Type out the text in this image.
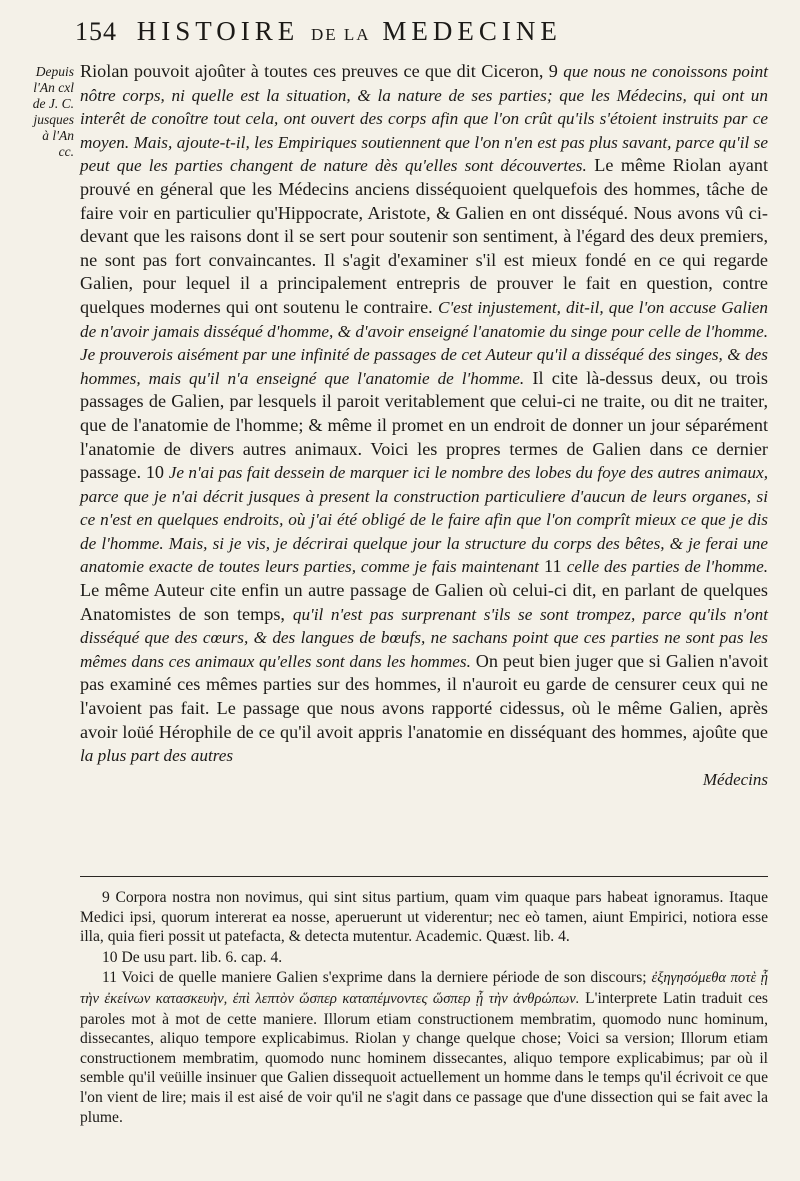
154 HISTOIRE DE LA MEDECINE
Depuis
l'An cxl
de J. C.
jusques
à l'An
cc.

Riolan pouvoit ajoûter à toutes ces preuves ce que dit Ciceron, 9 que nous ne conoissons point nôtre corps, ni quelle est la situation, & la nature de ses parties; que les Médecins, qui ont un interêt de conoître tout cela, ont ouvert des corps afin que l'on crût qu'ils s'étoient instruits par ce moyen. Mais, ajoute-t-il, les Empiriques soutiennent que l'on n'en est pas plus savant, parce qu'il se peut que les parties changent de nature dès qu'elles sont découvertes. Le même Riolan ayant prouvé en géneral que les Médecins anciens disséquoient quelquefois des hommes, tâche de faire voir en particulier qu'Hippocrate, Aristote, & Galien en ont disséqué. Nous avons vû ci-devant que les raisons dont il se sert pour soutenir son sentiment, à l'égard des deux premiers, ne sont pas fort convaincantes. Il s'agit d'examiner s'il est mieux fondé en ce qui regarde Galien, pour lequel il a principalement entrepris de prouver le fait en question, contre quelques modernes qui ont soutenu le contraire. C'est injustement, dit-il, que l'on accuse Galien de n'avoir jamais disséqué d'homme, & d'avoir enseigné l'anatomie du singe pour celle de l'homme. Je prouverois aisément par une infinité de passages de cet Auteur qu'il a disséqué des singes, & des hommes, mais qu'il n'a enseigné que l'anatomie de l'homme. Il cite là-dessus deux, ou trois passages de Galien, par lesquels il paroit veritablement que celui-ci ne traite, ou dit ne traiter, que de l'anatomie de l'homme; & même il promet en un endroit de donner un jour séparément l'anatomie de divers autres animaux. Voici les propres termes de Galien dans ce dernier passage. 10 Je n'ai pas fait dessein de marquer ici le nombre des lobes du foye des autres animaux, parce que je n'ai décrit jusques à present la construction particuliere d'aucun de leurs organes, si ce n'est en quelques endroits, où j'ai été obligé de le faire afin que l'on comprît mieux ce que je dis de l'homme. Mais, si je vis, je décrirai quelque jour la structure du corps des bêtes, & je ferai une anatomie exacte de toutes leurs parties, comme je fais maintenant 11 celle des parties de l'homme. Le même Auteur cite enfin un autre passage de Galien où celui-ci dit, en parlant de quelques Anatomistes de son temps, qu'il n'est pas surprenant s'ils se sont trompez, parce qu'ils n'ont disséqué que des cœurs, & des langues de bœufs, ne sachans point que ces parties ne sont pas les mêmes dans ces animaux qu'elles sont dans les hommes. On peut bien juger que si Galien n'avoit pas examiné ces mêmes parties sur des hommes, il n'auroit eu garde de censurer ceux qui ne l'avoient pas fait. Le passage que nous avons rapporté cidessus, où le même Galien, après avoir loüé Hérophile de ce qu'il avoit appris l'anatomie en disséquant des hommes, ajoûte que la plus part des autres
Médecins

9 Corpora nostra non novimus, qui sint situs partium, quam vim quaque pars habeat ignoramus. Itaque Medici ipsi, quorum intererat ea nosse, aperuerunt ut viderentur; nec eò tamen, aiunt Empirici, notiora esse illa, quia fieri possit ut patefacta, & detecta mutentur. Academic. Quæst. lib. 4.

10 De usu part. lib. 6. cap. 4.

11 Voici de quelle maniere Galien s'exprime dans la derniere période de son discours; ἐξηγησόμεθα ποτὲ ᾗ τὴν ἐκείνων κατασκευὴν, ἐπὶ λεπτὸν ὥσπερ καταπέμνοντες ὥσπερ ᾗ τὴν ἀνθρώπων. L'interprete Latin traduit ces paroles mot à mot de cette maniere. Illorum etiam constructionem membratim, quomodo nunc hominum, dissecantes, aliquo tempore explicabimus. Riolan y change quelque chose; Voici sa version; Illorum etiam constructionem membratim, quomodo nunc hominem dissecantes, aliquo tempore explicabimus; par où il semble qu'il veüille insinuer que Galien dissequoit actuellement un homme dans le temps qu'il écrivoit ce que l'on vient de lire; mais il est aisé de voir qu'il ne s'agit dans ce passage que d'une dissection qui se fait avec la plume.
